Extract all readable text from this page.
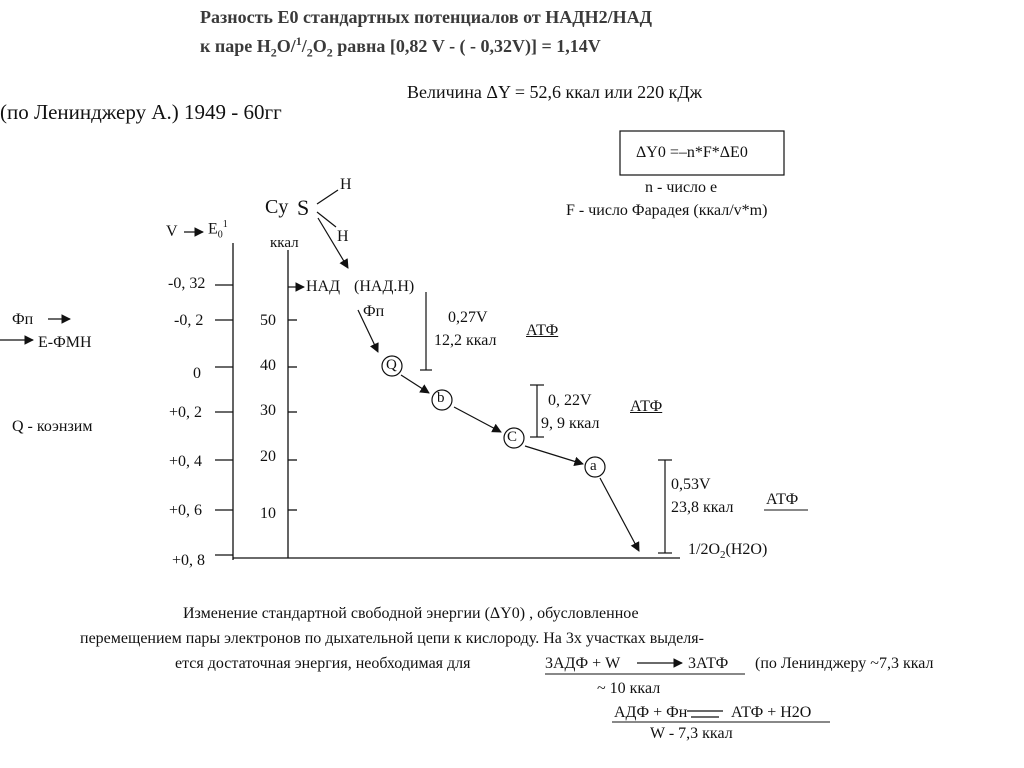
Разность Е0 стандартных потенциалов от НАДН2/НАД
к паре $Н_2О/^1/_2О_2$ равна [0,82 V - ( - 0,32V)] = 1,14V
Величина ΔY = 52,6 ккал или 220 кДж
(по Ленинджеру А.) 1949 - 60гг
ΔY0 =–n*F*ΔE0
n - число е
F - число Фарадея (ккал/v*m)
Cy S
H
H
ккал
V $E_0^1$
-0, 32
-0, 2
0
+0, 2
+0, 4
+0, 6
+0, 8
50
40
30
20
10
Фп
Е-ФМН
Q - коэнзим
НАД (НАД.Н)
Фп
Q
b
C
a
$1/2O_2(H2O)$
0,27V
12,2 ккал
АТФ
0, 22V
9, 9 ккал
АТФ
0,53V
23,8 ккал АТФ
Изменение стандартной свободной энергии (ΔY0) , обусловленное
перемещением пары электронов по дыхательной цепи к кислороду. На 3х участках выделя-
ется достаточная энергия, необходимая для	3АДФ + W	3АТФ (по Ленинджеру ~7,3 ккал
~ 10 ккал
АДФ + Фн	АТФ + Н2О
W - 7,3 ккал
